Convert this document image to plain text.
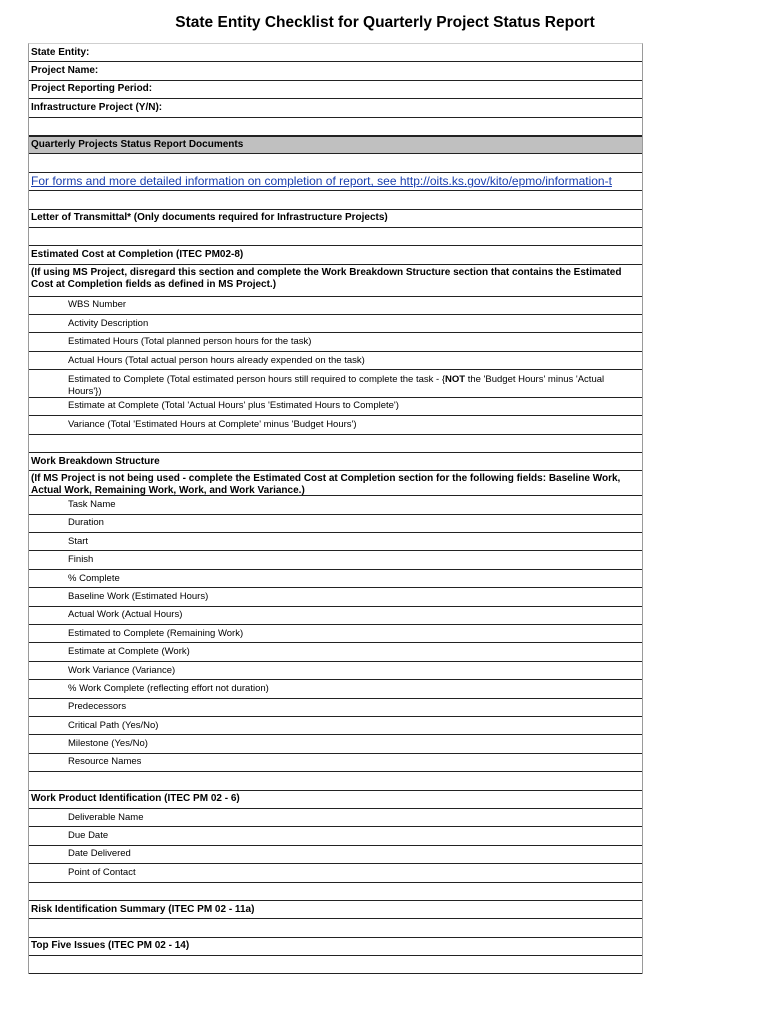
State Entity Checklist for Quarterly Project Status Report
State Entity:
Project Name:
Project Reporting Period:
Infrastructure Project (Y/N):
Quarterly Projects Status Report Documents
For forms and more detailed information on completion of report, see http://oits.ks.gov/kito/epmo/information-t
Letter of Transmittal* (Only documents required for Infrastructure Projects)
Estimated Cost at Completion (ITEC PM02-8)
(If using MS Project, disregard this section and complete the Work Breakdown Structure section that contains the Estimated Cost at Completion fields as defined in MS Project.)
WBS Number
Activity Description
Estimated Hours (Total planned person hours for the task)
Actual Hours (Total actual person hours already expended on the task)
Estimated to Complete (Total estimated person hours still required to complete the task - {NOT the 'Budget Hours' minus 'Actual Hours'})
Estimate at Complete (Total 'Actual Hours' plus 'Estimated Hours to Complete')
Variance (Total 'Estimated Hours at Complete' minus 'Budget Hours')
Work Breakdown Structure
(If MS Project is not being used - complete the Estimated Cost at Completion section for the following fields: Baseline Work, Actual Work, Remaining Work, Work, and Work Variance.)
Task Name
Duration
Start
Finish
% Complete
Baseline Work (Estimated Hours)
Actual Work (Actual Hours)
Estimated to Complete (Remaining Work)
Estimate at Complete (Work)
Work Variance (Variance)
% Work Complete (reflecting effort not duration)
Predecessors
Critical Path (Yes/No)
Milestone (Yes/No)
Resource Names
Work Product Identification (ITEC PM 02 - 6)
Deliverable Name
Due Date
Date Delivered
Point of Contact
Risk Identification Summary (ITEC PM 02 - 11a)
Top Five Issues (ITEC PM 02 - 14)
